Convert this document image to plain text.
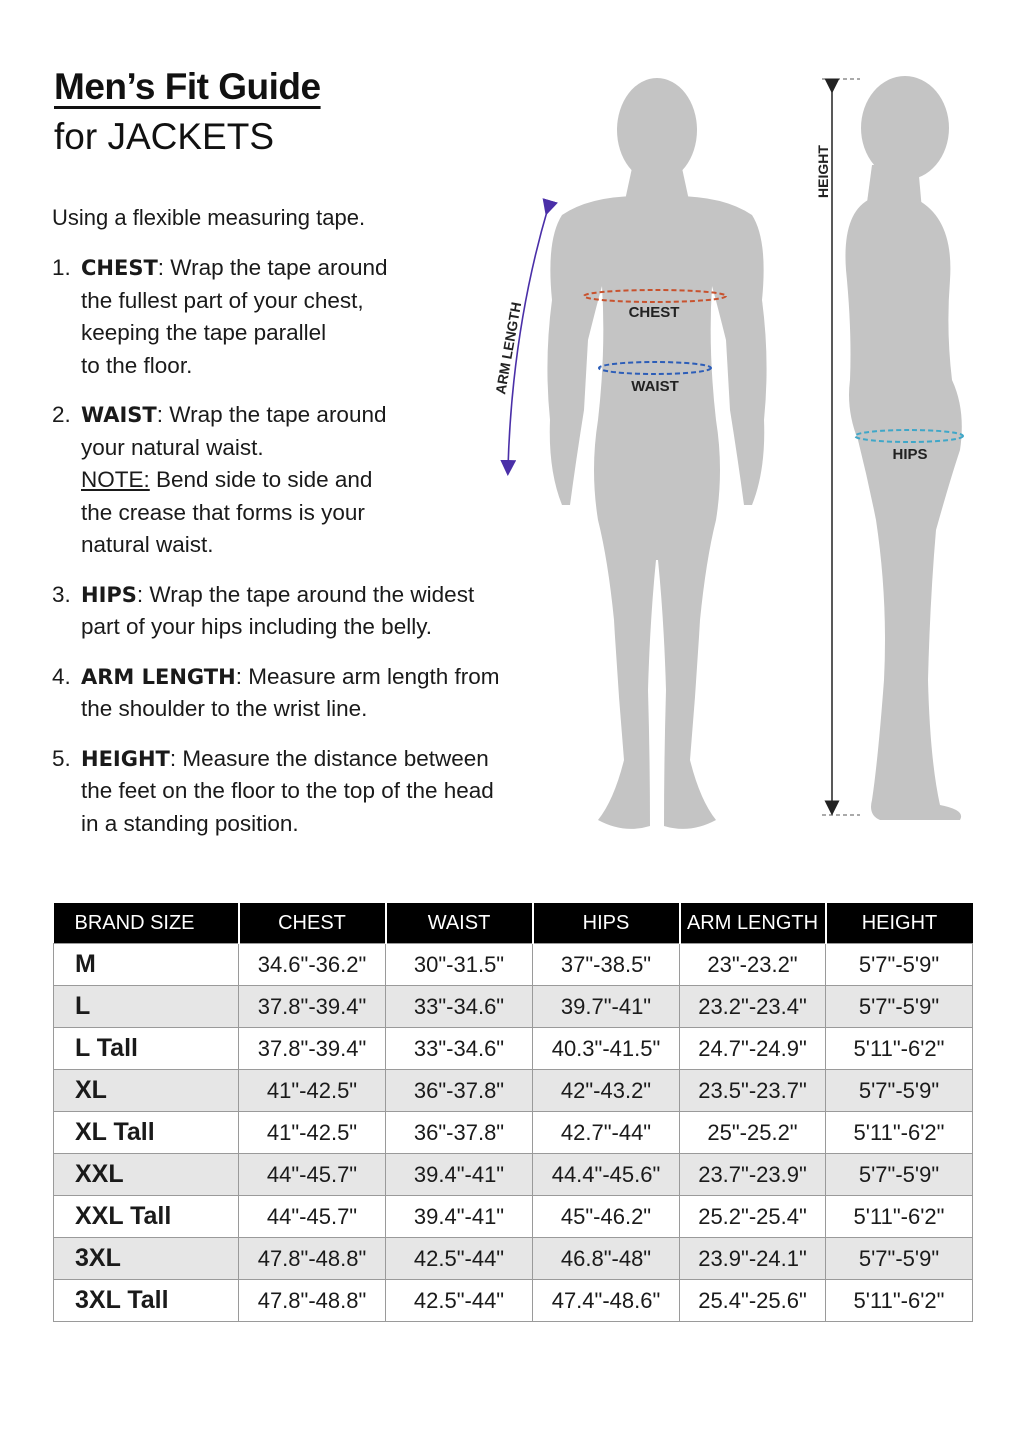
Men’s Fit Guide
for JACKETS

Using a flexible measuring tape.

1. CHEST: Wrap the tape around
the fullest part of your chest,
keeping the tape parallel
to the floor.
2. WAIST: Wrap the tape around
your natural waist.
NOTE: Bend side to side and
the crease that forms is your
natural waist.
3. HIPS: Wrap the tape around the widest
part of your hips including the belly.
4. ARM LENGTH: Measure arm length from
the shoulder to the wrist line.
5. HEIGHT: Measure the distance between
the feet on the floor to the top of the head
in a standing position.
CHEST
WAIST
HIPS
ARM LENGTH
HEIGHT
BRAND SIZE	CHEST	WAIST	HIPS	ARM LENGTH	HEIGHT
M	34.6"-36.2"	30"-31.5"	37"-38.5"	23"-23.2"	5'7"-5'9"
L	37.8"-39.4"	33"-34.6"	39.7"-41"	23.2"-23.4"	5'7"-5'9"
L Tall	37.8"-39.4"	33"-34.6"	40.3"-41.5"	24.7"-24.9"	5'11"-6'2"
XL	41"-42.5"	36"-37.8"	42"-43.2"	23.5"-23.7"	5'7"-5'9"
XL Tall	41"-42.5"	36"-37.8"	42.7"-44"	25"-25.2"	5'11"-6'2"
XXL	44"-45.7"	39.4"-41"	44.4"-45.6"	23.7"-23.9"	5'7"-5'9"
XXL Tall	44"-45.7"	39.4"-41"	45"-46.2"	25.2"-25.4"	5'11"-6'2"
3XL	47.8"-48.8"	42.5"-44"	46.8"-48"	23.9"-24.1"	5'7"-5'9"
3XL Tall	47.8"-48.8"	42.5"-44"	47.4"-48.6"	25.4"-25.6"	5'11"-6'2"
